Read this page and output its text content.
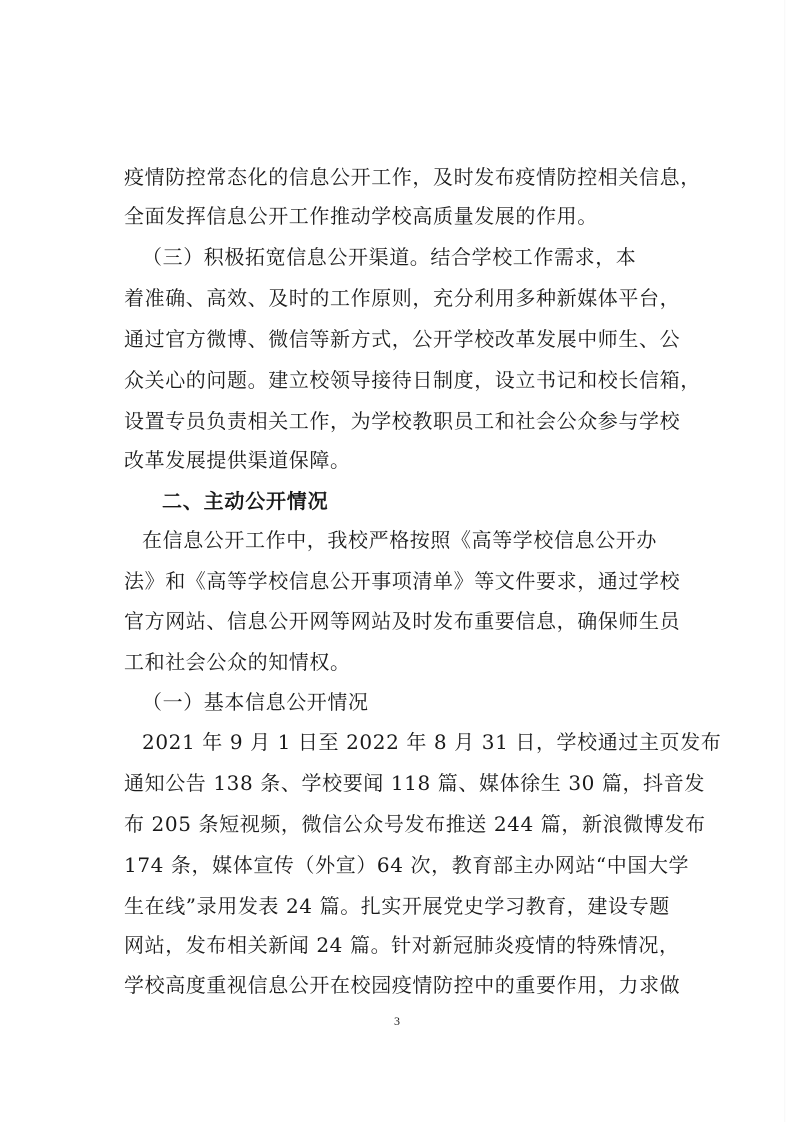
疫情防控常态化的信息公开工作，及时发布疫情防控相关信息，
全面发挥信息公开工作推动学校高质量发展的作用。
（三）积极拓宽信息公开渠道。结合学校工作需求，本
着准确、高效、及时的工作原则，充分利用多种新媒体平台，
通过官方微博、微信等新方式，公开学校改革发展中师生、公
众关心的问题。建立校领导接待日制度，设立书记和校长信箱，
设置专员负责相关工作，为学校教职员工和社会公众参与学校
改革发展提供渠道保障。
二、主动公开情况
在信息公开工作中，我校严格按照《高等学校信息公开办
法》和《高等学校信息公开事项清单》等文件要求，通过学校
官方网站、信息公开网等网站及时发布重要信息，确保师生员
工和社会公众的知情权。
（一）基本信息公开情况
2021 年 9 月 1 日至 2022 年 8 月 31 日，学校通过主页发布
通知公告 138 条、学校要闻 118 篇、媒体徐生 30 篇，抖音发
布 205 条短视频，微信公众号发布推送 244 篇，新浪微博发布
174 条，媒体宣传（外宣）64 次，教育部主办网站“中国大学
生在线”录用发表 24 篇。扎实开展党史学习教育，建设专题
网站，发布相关新闻 24 篇。针对新冠肺炎疫情的特殊情况，
学校高度重视信息公开在校园疫情防控中的重要作用，力求做
3
